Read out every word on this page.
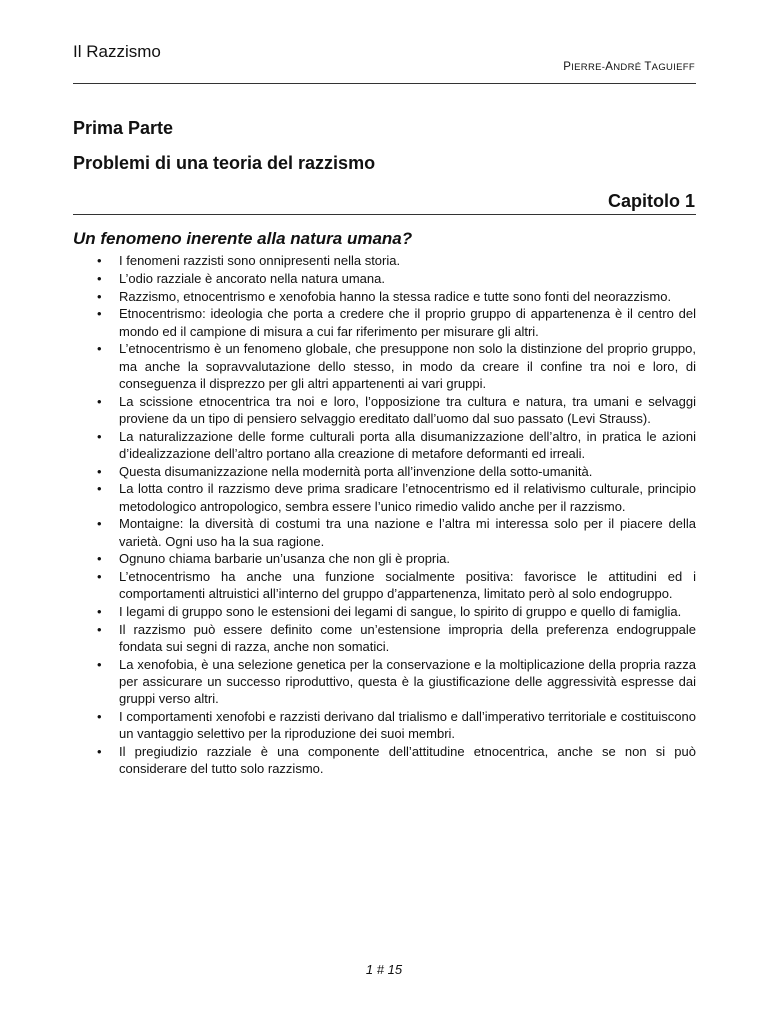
Il Razzismo
PIERRE-ANDRÉ TAGUIEFF
Prima Parte
Problemi di una teoria del razzismo
Capitolo 1
Un fenomeno inerente alla natura umana?
•	I fenomeni razzisti sono onnipresenti nella storia.
•	L’odio razziale è ancorato nella natura umana.
•	Razzismo, etnocentrismo e xenofobia hanno la stessa radice e tutte sono fonti del neorazzismo.
•	Etnocentrismo: ideologia che porta a credere che il proprio gruppo di appartenenza è il centro del mondo ed il campione di misura a cui far riferimento per misurare gli altri.
•	L’etnocentrismo è un fenomeno globale, che presuppone non solo la distinzione del proprio gruppo, ma anche la sopravvalutazione dello stesso, in modo da creare il confine tra noi e loro, di conseguenza il disprezzo per gli altri appartenenti ai vari gruppi.
•	La scissione etnocentrica tra noi e loro, l’opposizione tra cultura e natura, tra umani e selvaggi proviene da un tipo di pensiero selvaggio ereditato dall’uomo dal suo passato (Levi Strauss).
•	La naturalizzazione delle forme culturali porta alla disumanizzazione dell’altro, in pratica le azioni d’idealizzazione dell’altro portano alla creazione di metafore deformanti ed irreali.
•	Questa disumanizzazione nella modernità porta all’invenzione della sotto-umanità.
•	La lotta contro il razzismo deve prima sradicare l’etnocentrismo ed il relativismo culturale, principio metodologico antropologico, sembra essere l’unico rimedio valido anche per il razzismo.
•	Montaigne: la diversità di costumi tra una nazione e l’altra mi interessa solo per il piacere della varietà. Ogni uso ha la sua ragione.
•	Ognuno chiama barbarie un’usanza che non gli è propria.
•	L’etnocentrismo ha anche una funzione socialmente positiva: favorisce le attitudini ed i comportamenti altruistici all’interno del gruppo d’appartenenza, limitato però al solo endogruppo.
•	I legami di gruppo sono le estensioni dei legami di sangue, lo spirito di gruppo e quello di famiglia.
•	Il razzismo può essere definito come un’estensione impropria della preferenza endogruppale fondata sui segni di razza, anche non somatici.
•	La xenofobia, è una selezione genetica per la conservazione e la moltiplicazione della propria razza per assicurare un successo riproduttivo, questa è la giustificazione delle aggressività espresse dai gruppi verso altri.
•	I comportamenti xenofobi e razzisti derivano dal trialismo e dall’imperativo territoriale e costituiscono un vantaggio selettivo per la riproduzione dei suoi membri.
•	Il pregiudizio razziale è una componente dell’attitudine etnocentrica, anche se non si può considerare del tutto solo razzismo.
1 # 15
